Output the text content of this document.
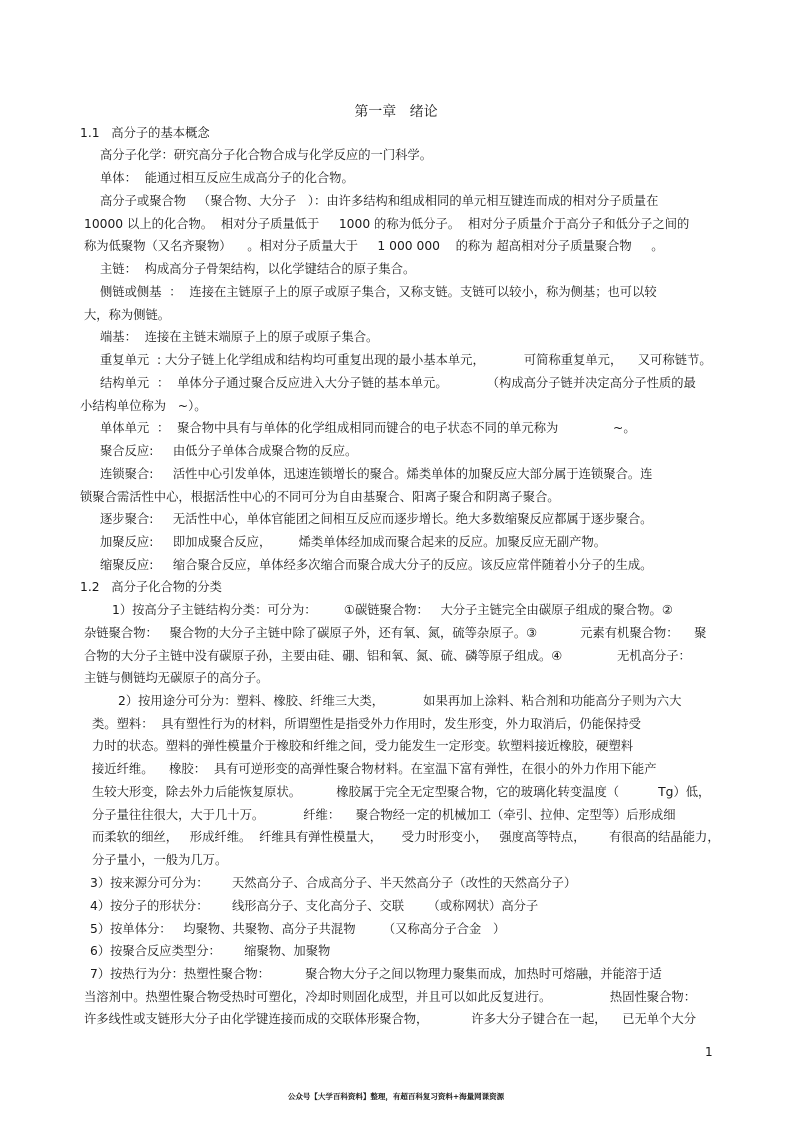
第一章   绪论
1.1   高分子的基本概念
高分子化学：研究高分子化合物合成与化学反应的一门科学。
单体：  能通过相互反应生成高分子的化合物。
高分子或聚合物   （聚合物、大分子   ）：由许多结构和组成相同的单元相互键连而成的相对分子质量在
10000 以上的化合物。  相对分子质量低于     1000 的称为低分子。  相对分子质量介于高分子和低分子之间的
称为低聚物（又名齐聚物）    。相对分子质量大于     1 000 000    的称为 超高相对分子质量聚合物     。
主链：  构成高分子骨架结构，以化学键结合的原子集合。
侧链或侧基  ：  连接在主链原子上的原子或原子集合，又称支链。支链可以较小，称为侧基；也可以较
大，称为侧链。
端基：  连接在主链末端原子上的原子或原子集合。
重复单元  : 大分子链上化学组成和结构均可重复出现的最小基本单元，          可简称重复单元，    又可称链节。
结构单元  ：  单体分子通过聚合反应进入大分子链的基本单元。          （构成高分子链并决定高分子性质的最
小结构单位称为   ~）。
单体单元  ：  聚合物中具有与单体的化学组成相同而键合的电子状态不同的单元称为              ~。
聚合反应:     由低分子单体合成聚合物的反应。
连锁聚合:     活性中心引发单体，迅速连锁增长的聚合。烯类单体的加聚反应大部分属于连锁聚合。连
锁聚合需活性中心，根据活性中心的不同可分为自由基聚合、阳离子聚合和阴离子聚合。
逐步聚合:     无活性中心，单体官能团之间相互反应而逐步增长。绝大多数缩聚反应都属于逐步聚合。
加聚反应:     即加成聚合反应，       烯类单体经加成而聚合起来的反应。加聚反应无副产物。
缩聚反应:     缩合聚合反应，单体经多次缩合而聚合成大分子的反应。该反应常伴随着小分子的生成。
1.2   高分子化合物的分类
1）按高分子主链结构分类：可分为：       ①碳链聚合物：   大分子主链完全由碳原子组成的聚合物。②
杂链聚合物：   聚合物的大分子主链中除了碳原子外，还有氧、氮，硫等杂原子。③           元素有机聚合物：    聚
合物的大分子主链中没有碳原子孙，主要由硅、硼、铝和氧、氮、硫、磷等原子组成。④              无机高分子：
主链与侧链均无碳原子的高分子。
2）按用途分可分为：塑料、橡胶、纤维三大类，          如果再加上涂料、粘合剂和功能高分子则为六大
类。塑料：  具有塑性行为的材料，所谓塑性是指受外力作用时，发生形变，外力取消后，仍能保持受
力时的状态。塑料的弹性模量介于橡胶和纤维之间，受力能发生一定形变。软塑料接近橡胶，硬塑料
接近纤维。    橡胶：  具有可逆形变的高弹性聚合物材料。在室温下富有弹性，在很小的外力作用下能产
生较大形变，除去外力后能恢复原状。         橡胶属于完全无定型聚合物，它的玻璃化转变温度（          Tg）低，
分子量往往很大，大于几十万。          纤维：    聚合物经一定的机械加工（牵引、拉伸、定型等）后形成细
而柔软的细丝，   形成纤维。  纤维具有弹性模量大，     受力时形变小，   强度高等特点，      有很高的结晶能力，
分子量小，一般为几万。
3）按来源分可分为：      天然高分子、合成高分子、半天然高分子（改性的天然高分子）
4）按分子的形状分：      线形高分子、支化高分子、交联      （或称网状）高分子
5）按单体分：   均聚物、共聚物、高分子共混物       （又称高分子合金   ）
6）按聚合反应类型分：      缩聚物、加聚物
7）按热行为分：热塑性聚合物：         聚合物大分子之间以物理力聚集而成，加热时可熔融，并能溶于适
当溶剂中。热塑性聚合物受热时可塑化，冷却时则固化成型，并且可以如此反复进行。               热固性聚合物：
许多线性或支链形大分子由化学键连接而成的交联体形聚合物，           许多大分子键合在一起，    已无单个大分
1
公众号【大学百科资料】整理，有超百科复习资料+海量网课资源
